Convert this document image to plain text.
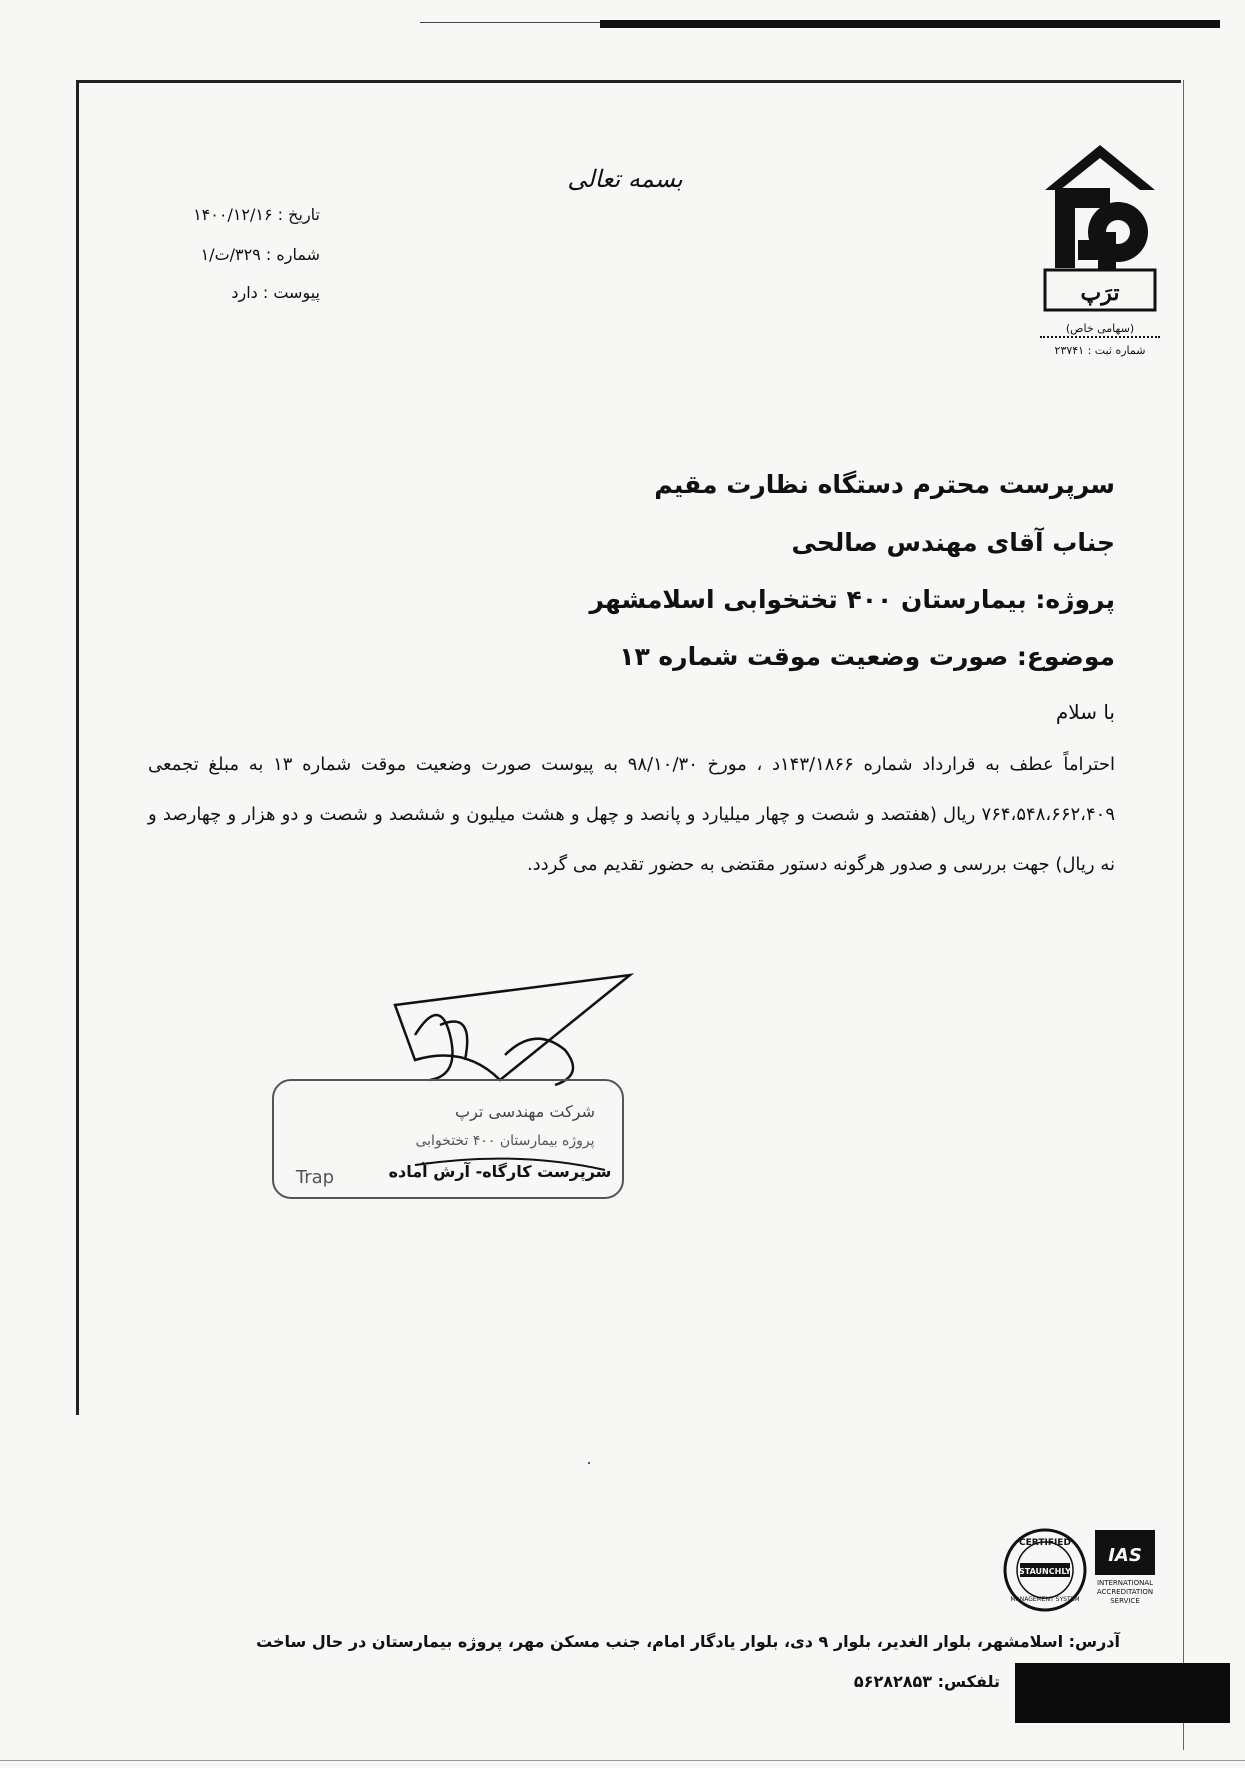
بسمه تعالی
تاریخ : ۱۴۰۰/۱۲/۱۶
شماره : ۳۲۹/ت/۱
پیوست : دارد	ترَپ
(سهامی خاص)
شماره ثبت : ۲۳۷۴۱
سرپرست محترم دستگاه نظارت مقیم
جناب آقای مهندس صالحی
پروژه: بیمارستان ۴۰۰ تختخوابی اسلامشهر
موضوع: صورت وضعیت موقت شماره ۱۳
با سلام
احتراماً عطف به قرارداد شماره ۱۴۳/۱۸۶۶د ، مورخ ۹۸/۱۰/۳۰ به پیوست صورت وضعیت موقت شماره ۱۳ به مبلغ تجمعی ۷۶۴،۵۴۸،۶۶۲،۴۰۹ ریال (هفتصد و شصت و چهار میلیارد و پانصد و چهل و هشت میلیون و ششصد و شصت و دو هزار و چهارصد و نه ریال) جهت بررسی و صدور هرگونه دستور مقتضی به حضور تقدیم می گردد.
شرکت مهندسی ترپ
پروژه بیمارستان ۴۰۰ تختخوابی
سرپرست کارگاه- آرش آماده
Trap
IAS
INTERNATIONAL
ACCREDITATION
SERVICE
CERTIFIED
STAUNCHLY
MANAGEMENT SYSTEM
آدرس: اسلامشهر، بلوار الغدیر، بلوار ۹ دی، بلوار یادگار امام، جنب مسکن مهر، پروژه بیمارستان در حال ساخت
تلفکس: ۵۶۲۸۲۸۵۳
